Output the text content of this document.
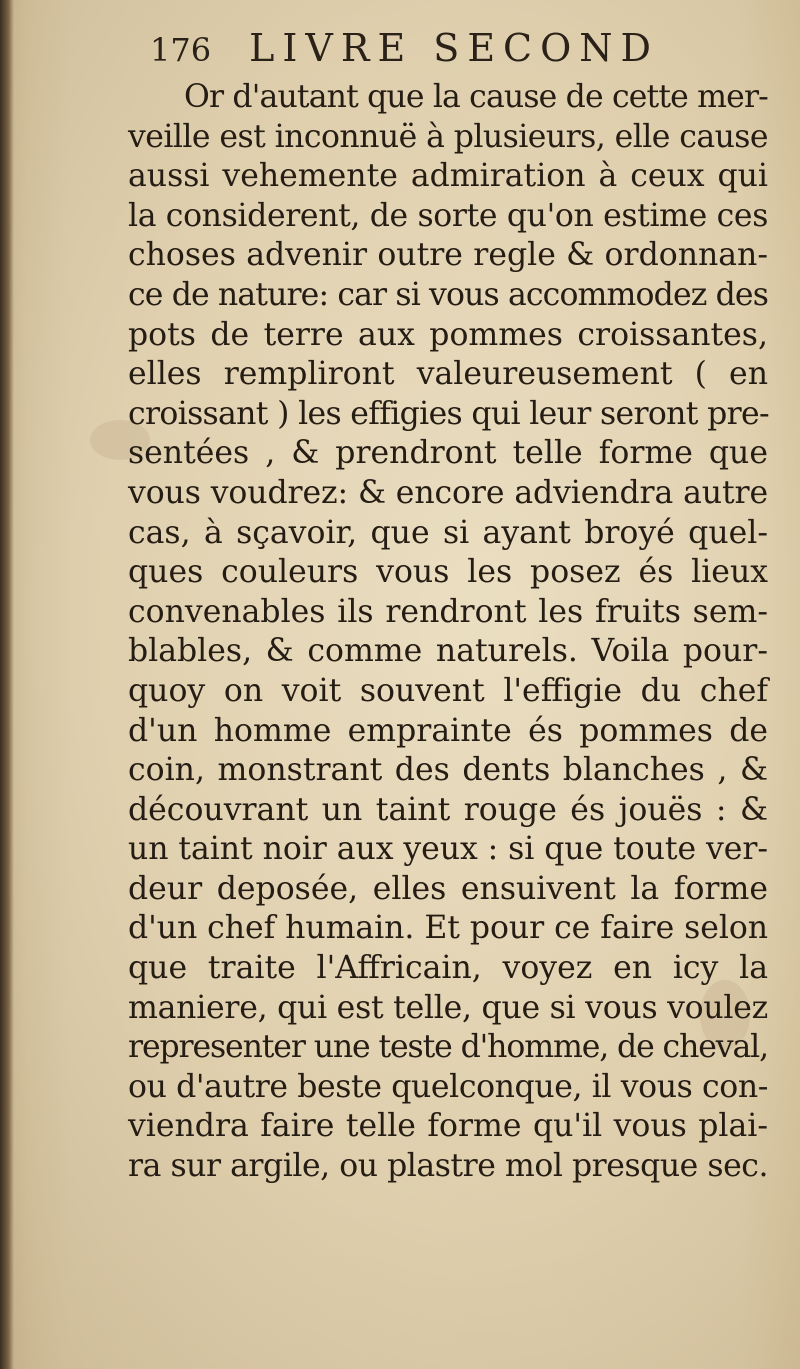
176 LIVRE SECOND
Or d'autant que la cause de cette mer-
veille est inconnuë à plusieurs, elle cause
aussi vehemente admiration à ceux qui
la considerent, de sorte qu'on estime ces
choses advenir outre regle & ordonnan-
ce de nature: car si vous accommodez des
pots de terre aux pommes croissantes,
elles rempliront valeureusement ( en
croissant ) les effigies qui leur seront pre-
sentées , & prendront telle forme que
vous voudrez: & encore adviendra autre
cas, à sçavoir, que si ayant broyé quel-
ques couleurs vous les posez és lieux
convenables ils rendront les fruits sem-
blables, & comme naturels. Voila pour-
quoy on voit souvent l'effigie du chef
d'un homme emprainte és pommes de
coin, monstrant des dents blanches , &
découvrant un taint rouge és jouës : &
un taint noir aux yeux : si que toute ver-
deur deposée, elles ensuivent la forme
d'un chef humain. Et pour ce faire selon
que traite l'Affricain, voyez en icy la
maniere, qui est telle, que si vous voulez
representer une teste d'homme, de cheval,
ou d'autre beste quelconque, il vous con-
viendra faire telle forme qu'il vous plai-
ra sur argile, ou plastre mol presque sec.
